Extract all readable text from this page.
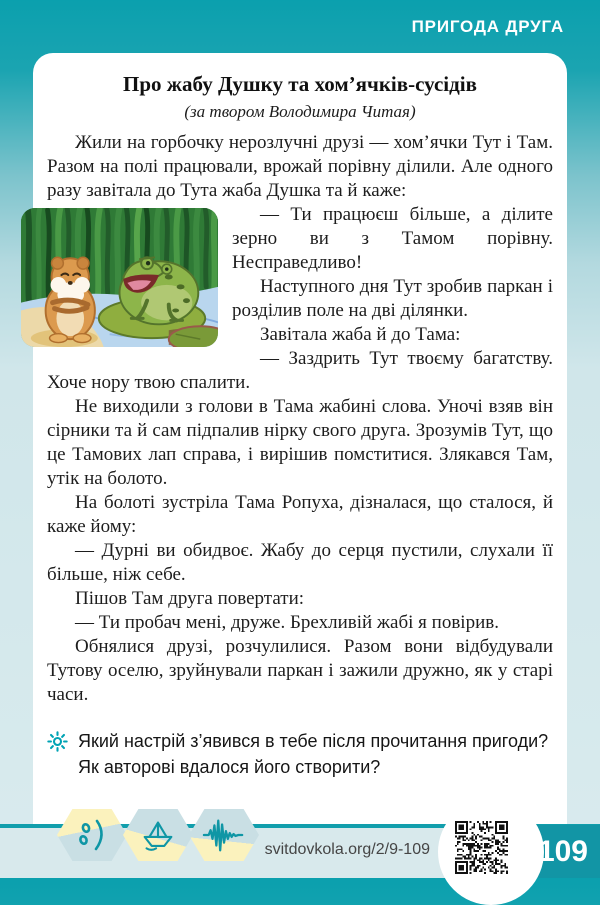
ПРИГОДА ДРУГА
Про жабу Душку та хом’ячків-сусідів
(за твором Володимира Читая)

Жили на горбочку нерозлучні друзі — хом’ячки Тут і Там. Разом на полі працювали, врожай порівну ділили. Але одного разу завітала до Тута жаба Душка та й каже:

— Ти працюєш більше, а ділите зерно ви з Тамом порівну. Несправедливо!

Наступного дня Тут зробив паркан і розділив поле на дві ділянки.

Завітала жаба й до Тама:

— Заздрить Тут твоєму багатству. Хоче нору твою спалити.

Не виходили з голови в Тама жабині слова. Уночі взяв він сірники та й сам підпалив нірку свого друга. Зрозумів Тут, що це Тамових лап справа, і вирішив помститися. Злякався Там, утік на болото.

На болоті зустріла Тама Ропуха, дізналася, що сталося, й каже йому:

— Дурні ви обидвоє. Жабу до серця пустили, слухали її більше, ніж себе.

Пішов Там друга повертати:

— Ти пробач мені, друже. Брехливій жабі я повірив.

Обнялися друзі, розчулилися. Разом вони відбудували Тутову оселю, зруйнували паркан і зажили дружно, як у старі часи.

Який настрій з’явився в тебе після прочитання пригоди? Як авторові вдалося його створити?

svitdovkola.org/2/9-109	109
